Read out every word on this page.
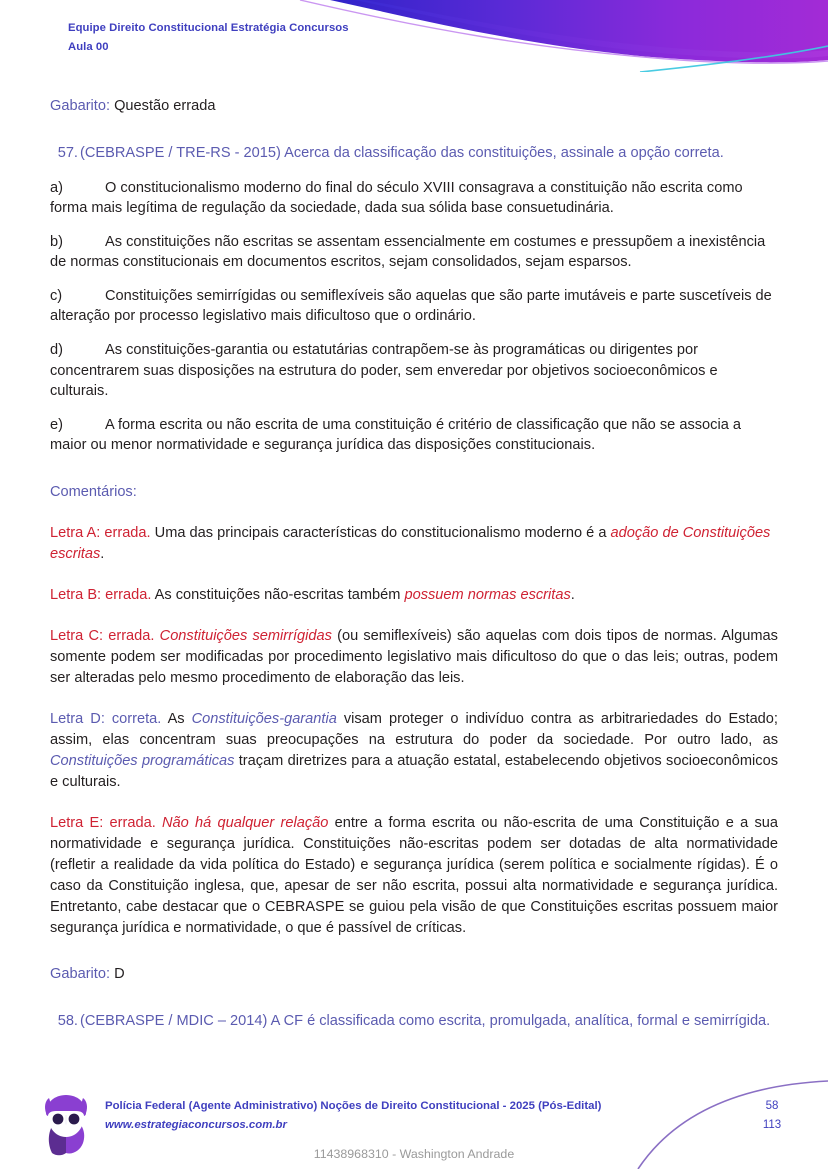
Equipe Direito Constitucional Estratégia Concursos
Aula 00

Gabarito: Questão errada

57. (CEBRASPE / TRE-RS - 2015) Acerca da classificação das constituições, assinale a opção correta.

a)	O constitucionalismo moderno do final do século XVIII consagrava a constituição não escrita como forma mais legítima de regulação da sociedade, dada sua sólida base consuetudinária.

b)	As constituições não escritas se assentam essencialmente em costumes e pressupõem a inexistência de normas constitucionais em documentos escritos, sejam consolidados, sejam esparsos.

c)	Constituições semirrígidas ou semiflexíveis são aquelas que são parte imutáveis e parte suscetíveis de alteração por processo legislativo mais dificultoso que o ordinário.

d)	As constituições-garantia ou estatutárias contrapõem-se às programáticas ou dirigentes por concentrarem suas disposições na estrutura do poder, sem enveredar por objetivos socioeconômicos e culturais.

e)	A forma escrita ou não escrita de uma constituição é critério de classificação que não se associa a maior ou menor normatividade e segurança jurídica das disposições constitucionais.

Comentários:

Letra A: errada. Uma das principais características do constitucionalismo moderno é a adoção de Constituições escritas.

Letra B: errada. As constituições não-escritas também possuem normas escritas.

Letra C: errada. Constituições semirrígidas (ou semiflexíveis) são aquelas com dois tipos de normas. Algumas somente podem ser modificadas por procedimento legislativo mais dificultoso do que o das leis; outras, podem ser alteradas pelo mesmo procedimento de elaboração das leis.

Letra D: correta. As Constituições-garantia visam proteger o indivíduo contra as arbitrariedades do Estado; assim, elas concentram suas preocupações na estrutura do poder da sociedade. Por outro lado, as Constituições programáticas traçam diretrizes para a atuação estatal, estabelecendo objetivos socioeconômicos e culturais.

Letra E: errada. Não há qualquer relação entre a forma escrita ou não-escrita de uma Constituição e a sua normatividade e segurança jurídica. Constituições não-escritas podem ser dotadas de alta normatividade (refletir a realidade da vida política do Estado) e segurança jurídica (serem política e socialmente rígidas). É o caso da Constituição inglesa, que, apesar de ser não escrita, possui alta normatividade e segurança jurídica. Entretanto, cabe destacar que o CEBRASPE se guiou pela visão de que Constituições escritas possuem maior segurança jurídica e normatividade, o que é passível de críticas.

Gabarito: D

58. (CEBRASPE / MDIC – 2014) A CF é classificada como escrita, promulgada, analítica, formal e semirrígida.
Polícia Federal (Agente Administrativo) Noções de Direito Constitucional - 2025 (Pós-Edital)
www.estrategiaconcursos.com.br
58
113
11438968310 - Washington Andrade
